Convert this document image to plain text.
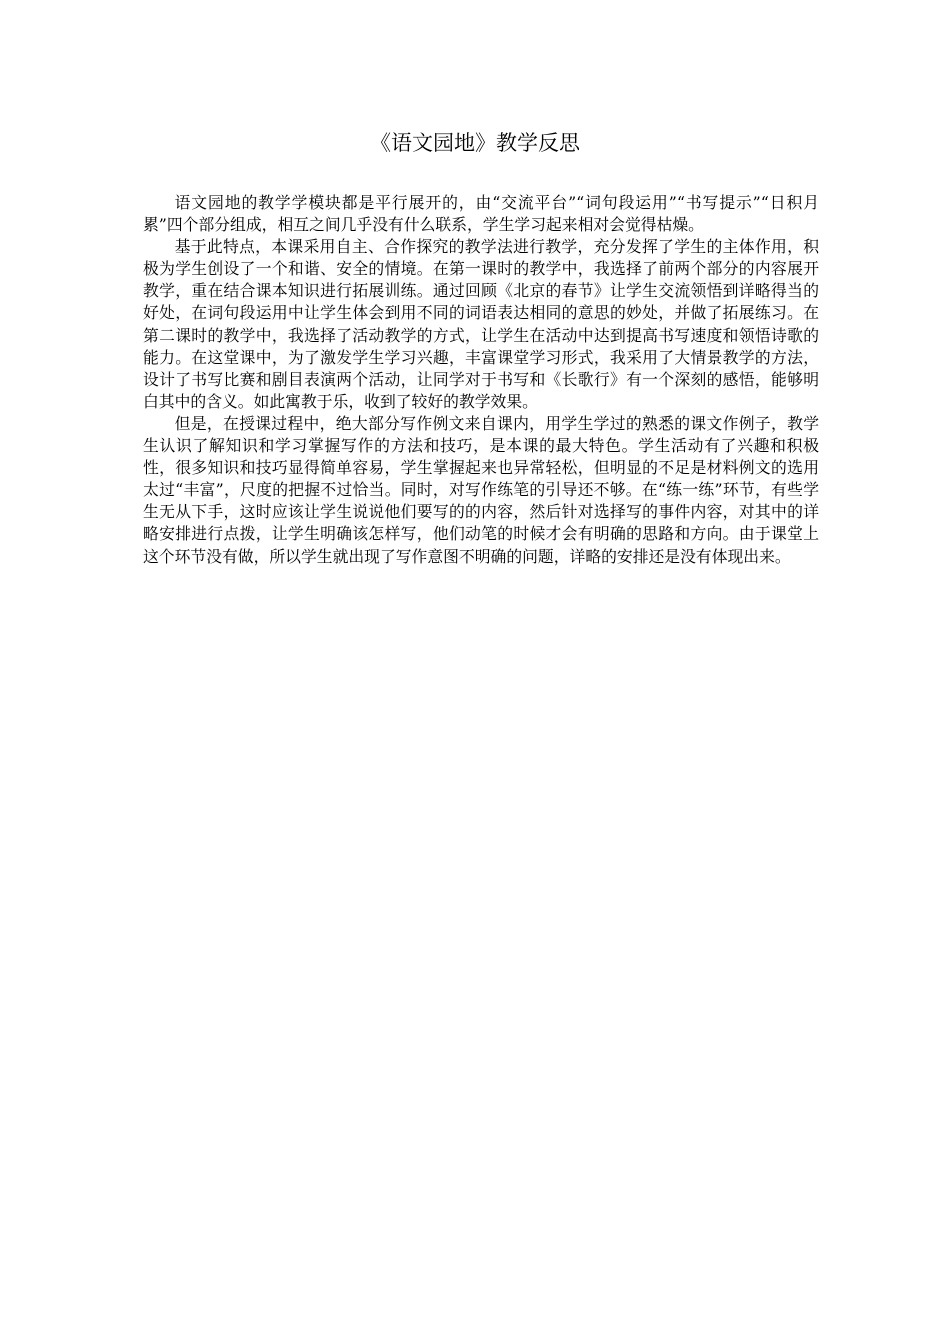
《语文园地》教学反思

语文园地的教学学模块都是平行展开的，由“交流平台”“词句段运用”“书写提示”“日积月累”四个部分组成，相互之间几乎没有什么联系，学生学习起来相对会觉得枯燥。

基于此特点，本课采用自主、合作探究的教学法进行教学，充分发挥了学生的主体作用，积极为学生创设了一个和谐、安全的情境。在第一课时的教学中，我选择了前两个部分的内容展开教学，重在结合课本知识进行拓展训练。通过回顾《北京的春节》让学生交流领悟到详略得当的好处，在词句段运用中让学生体会到用不同的词语表达相同的意思的妙处，并做了拓展练习。在第二课时的教学中，我选择了活动教学的方式，让学生在活动中达到提高书写速度和领悟诗歌的能力。在这堂课中，为了激发学生学习兴趣，丰富课堂学习形式，我采用了大情景教学的方法，设计了书写比赛和剧目表演两个活动，让同学对于书写和《长歌行》有一个深刻的感悟，能够明白其中的含义。如此寓教于乐，收到了较好的教学效果。

但是，在授课过程中，绝大部分写作例文来自课内，用学生学过的熟悉的课文作例子，教学生认识了解知识和学习掌握写作的方法和技巧，是本课的最大特色。学生活动有了兴趣和积极性，很多知识和技巧显得简单容易，学生掌握起来也异常轻松，但明显的不足是材料例文的选用太过“丰富”，尺度的把握不过恰当。同时，对写作练笔的引导还不够。在“练一练”环节，有些学生无从下手，这时应该让学生说说他们要写的的内容，然后针对选择写的事件内容，对其中的详略安排进行点拨，让学生明确该怎样写，他们动笔的时候才会有明确的思路和方向。由于课堂上这个环节没有做，所以学生就出现了写作意图不明确的问题，详略的安排还是没有体现出来。
